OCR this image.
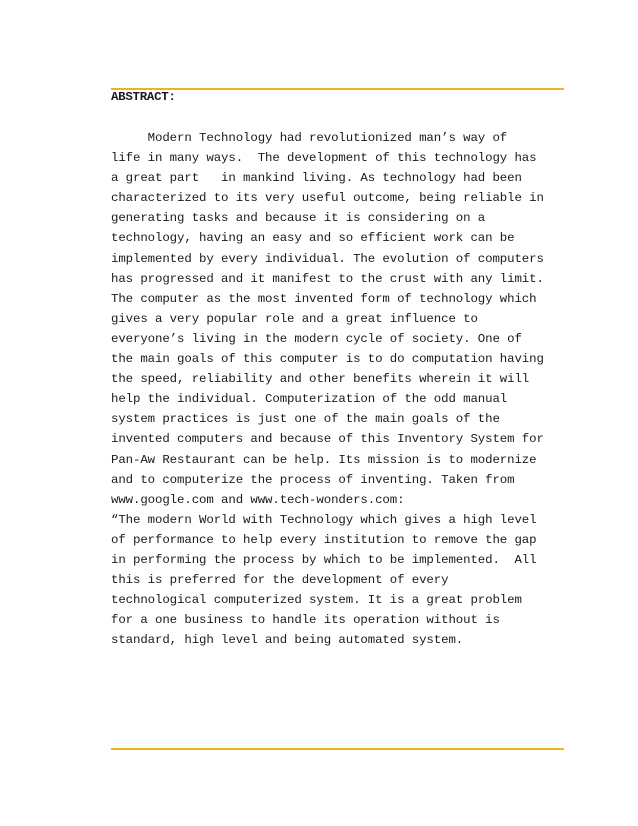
ABSTRACT:
Modern Technology had revolutionized man’s way of
life in many ways.  The development of this technology has
a great part   in mankind living. As technology had been
characterized to its very useful outcome, being reliable in
generating tasks and because it is considering on a
technology, having an easy and so efficient work can be
implemented by every individual. The evolution of computers
has progressed and it manifest to the crust with any limit.
The computer as the most invented form of technology which
gives a very popular role and a great influence to
everyone’s living in the modern cycle of society. One of
the main goals of this computer is to do computation having
the speed, reliability and other benefits wherein it will
help the individual. Computerization of the odd manual
system practices is just one of the main goals of the
invented computers and because of this Inventory System for
Pan-Aw Restaurant can be help. Its mission is to modernize
and to computerize the process of inventing. Taken from
www.google.com and www.tech-wonders.com:
“The modern World with Technology which gives a high level
of performance to help every institution to remove the gap
in performing the process by which to be implemented.  All
this is preferred for the development of every
technological computerized system. It is a great problem
for a one business to handle its operation without is
standard, high level and being automated system.
